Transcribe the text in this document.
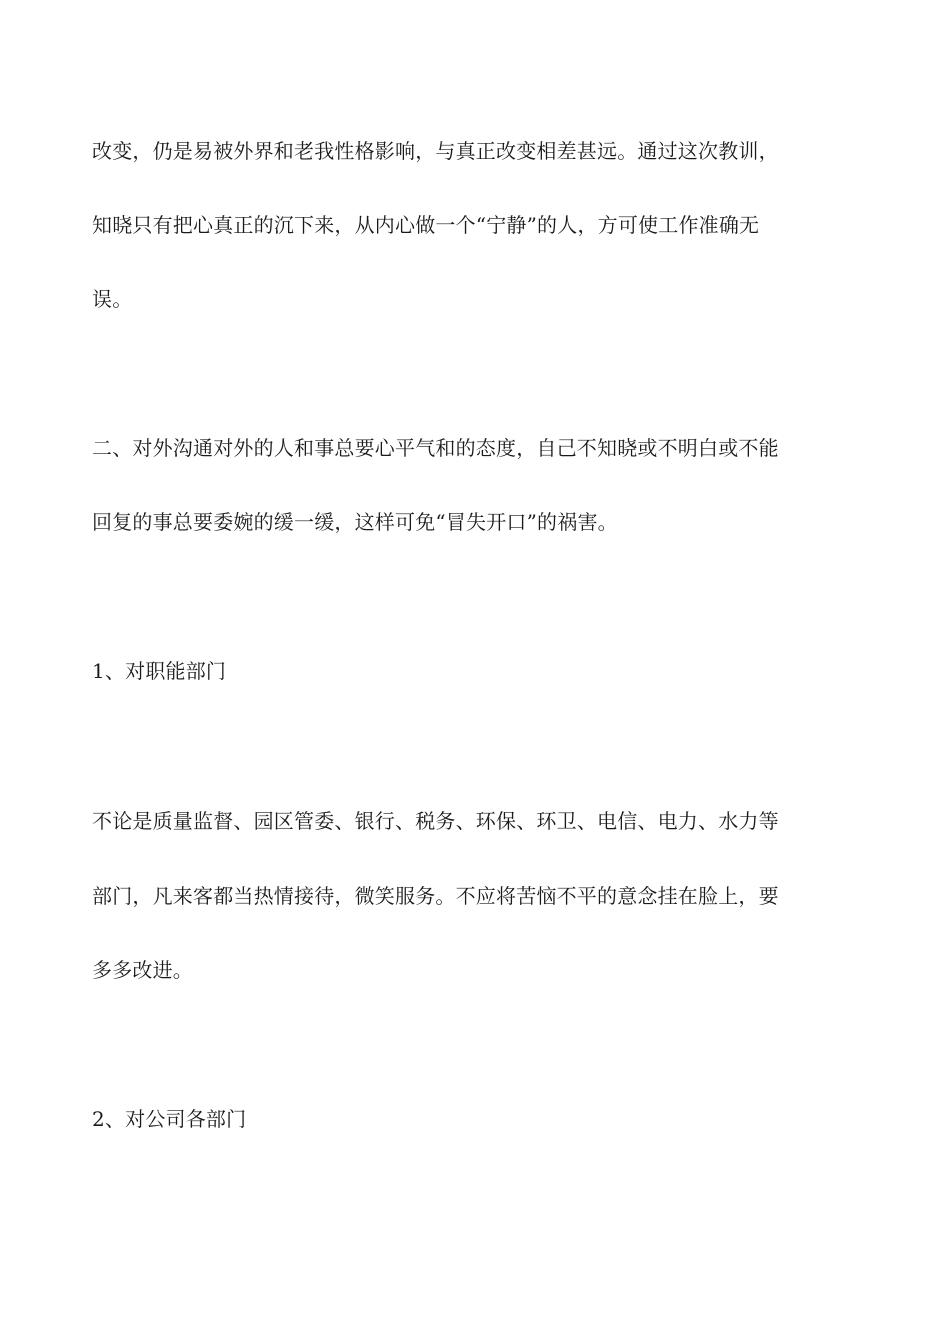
改变，仍是易被外界和老我性格影响，与真正改变相差甚远。通过这次教训，

知晓只有把心真正的沉下来，从内心做一个“宁静”的人，方可使工作准确无

误。

二、对外沟通对外的人和事总要心平气和的态度，自己不知晓或不明白或不能

回复的事总要委婉的缓一缓，这样可免“冒失开口”的祸害。

1、对职能部门

不论是质量监督、园区管委、银行、税务、环保、环卫、电信、电力、水力等

部门，凡来客都当热情接待，微笑服务。不应将苦恼不平的意念挂在脸上，要

多多改进。

2、对公司各部门
